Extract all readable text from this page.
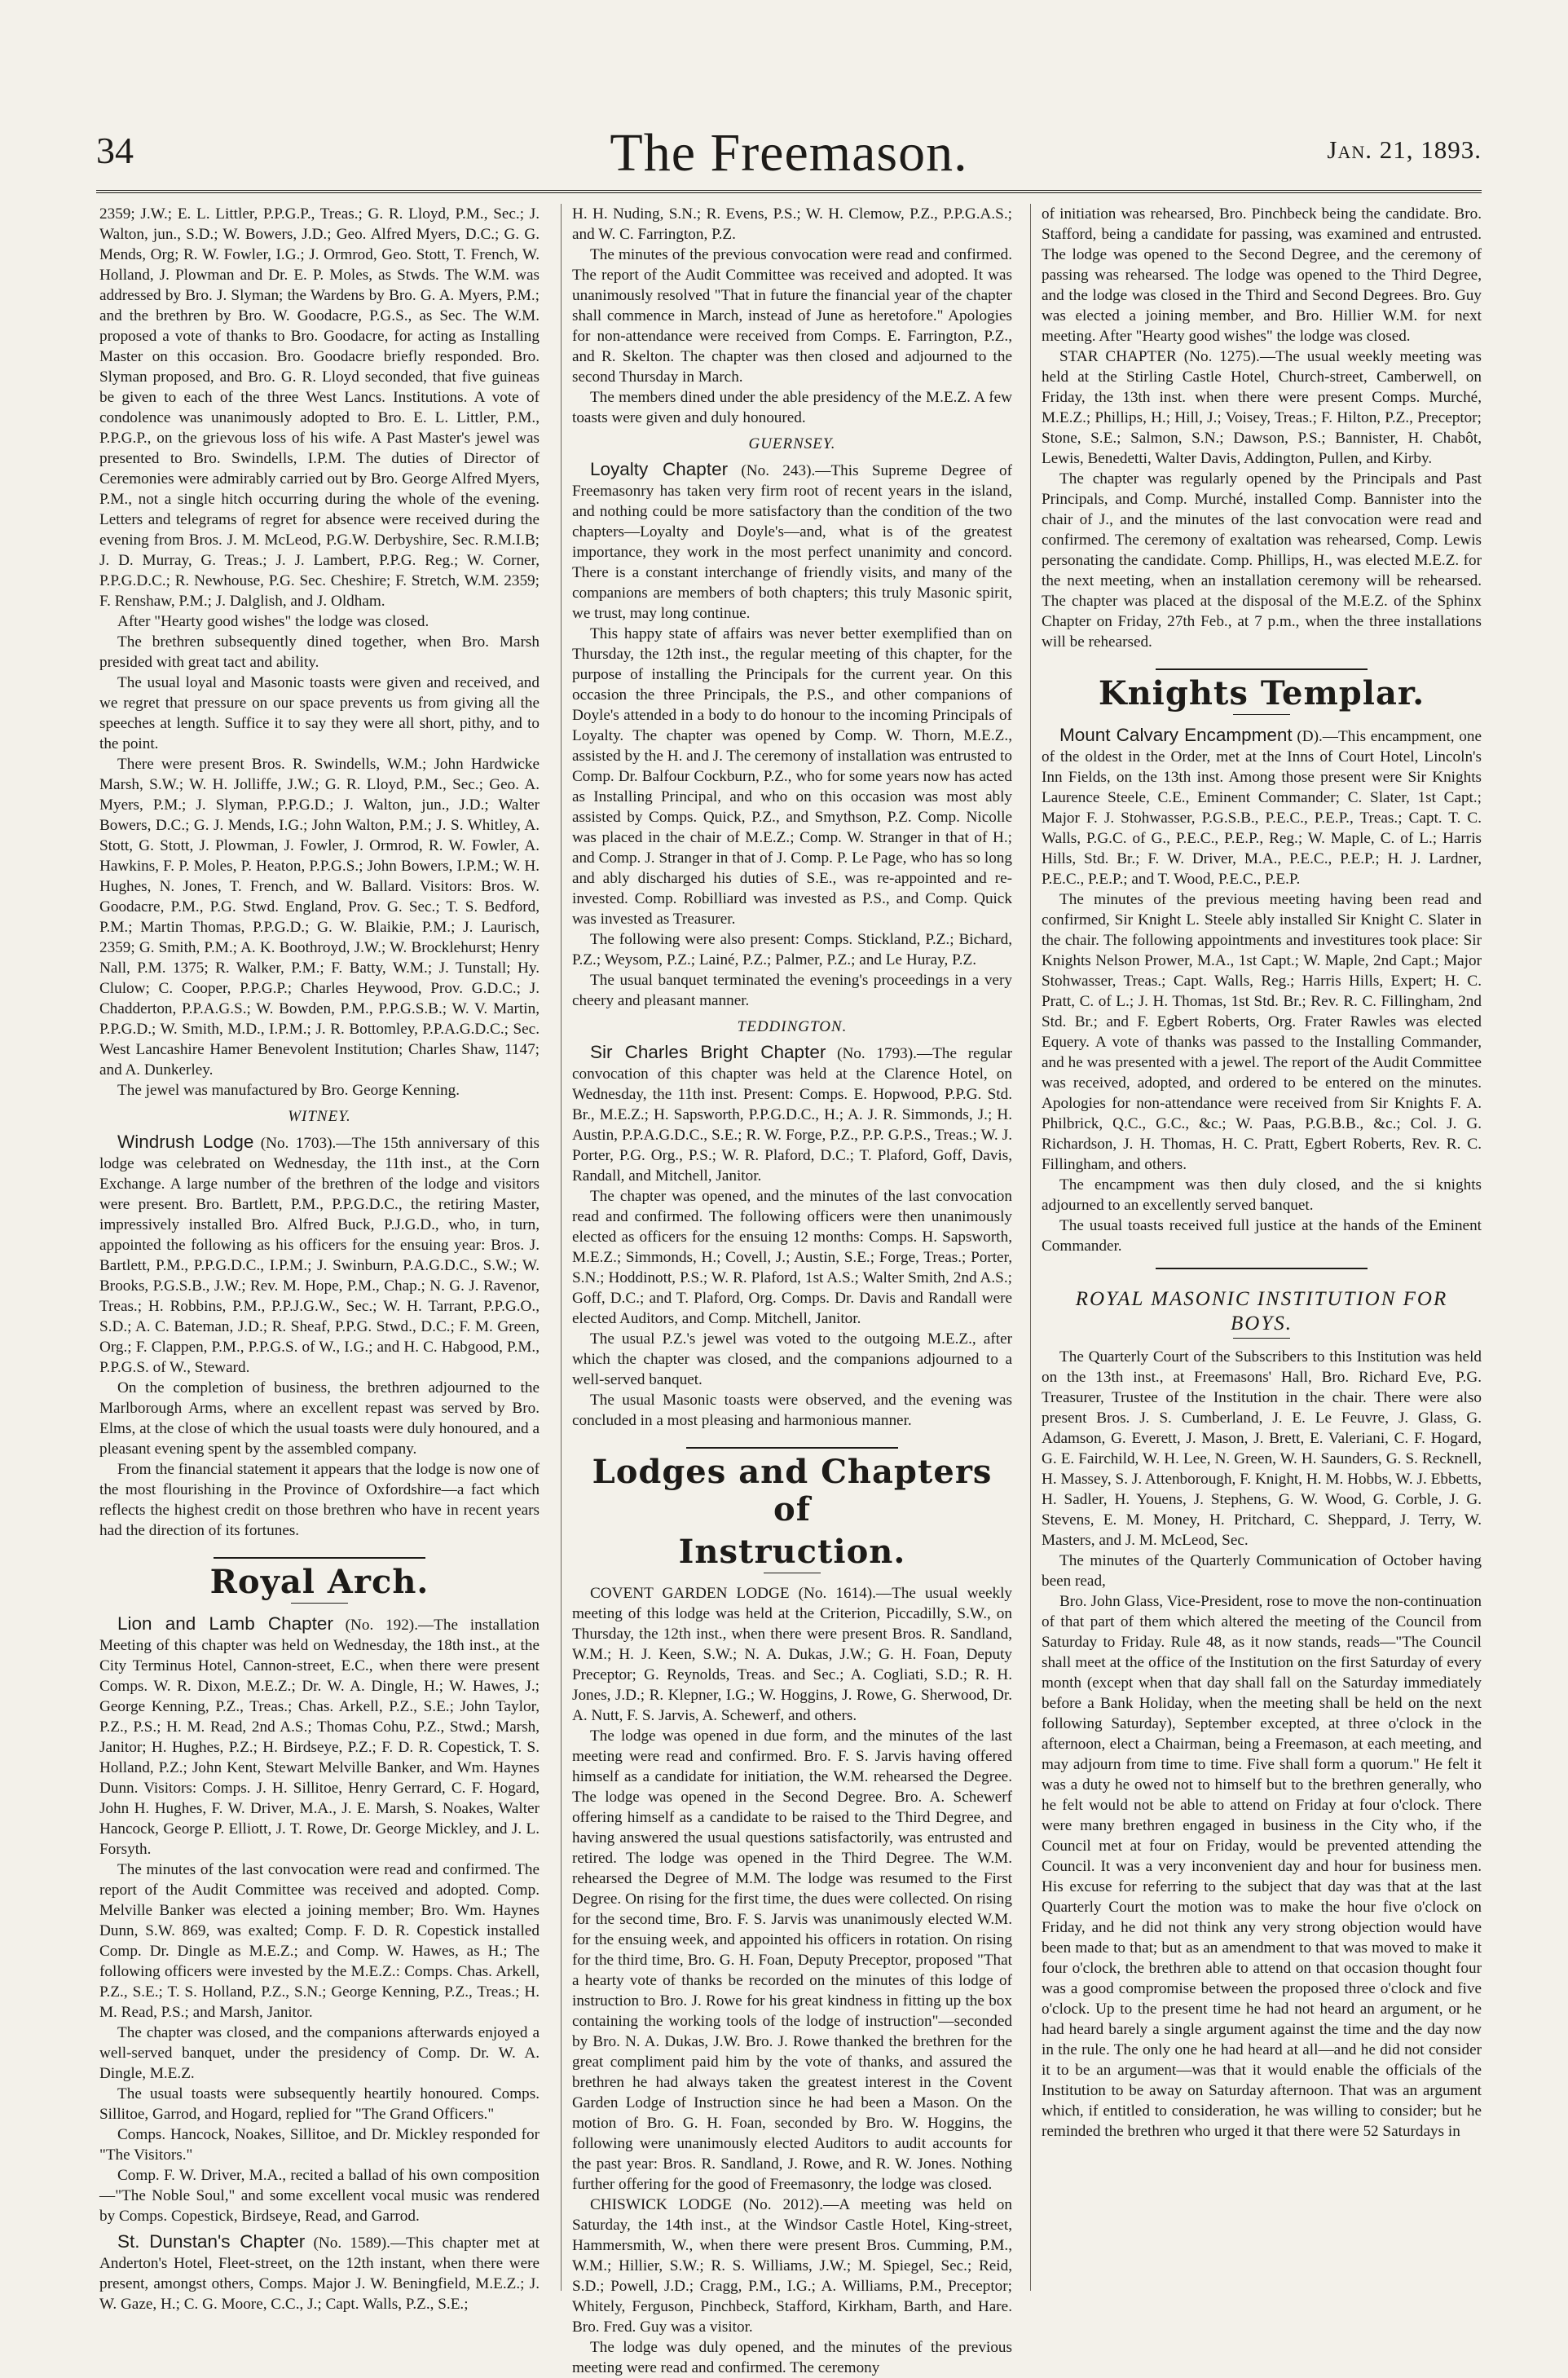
34	The Freemason.	Jan. 21, 1893.

2359; J.W.; E. L. Littler, P.P.G.P., Treas.; G. R. Lloyd, P.M., Sec.; J. Walton, jun., S.D.; W. Bowers, J.D.; Geo. Alfred Myers, D.C.; G. G. Mends, Org; R. W. Fowler, I.G.; J. Ormrod, Geo. Stott, T. French, W. Holland, J. Plowman and Dr. E. P. Moles, as Stwds. The W.M. was addressed by Bro. J. Slyman; the Wardens by Bro. G. A. Myers, P.M.; and the brethren by Bro. W. Goodacre, P.G.S., as Sec. The W.M. proposed a vote of thanks to Bro. Goodacre, for acting as Installing Master on this occasion. Bro. Goodacre briefly responded. Bro. Slyman proposed, and Bro. G. R. Lloyd seconded, that five guineas be given to each of the three West Lancs. Institutions. A vote of condolence was unanimously adopted to Bro. E. L. Littler, P.M., P.P.G.P., on the grievous loss of his wife. A Past Master's jewel was presented to Bro. Swindells, I.P.M. The duties of Director of Ceremonies were admirably carried out by Bro. George Alfred Myers, P.M., not a single hitch occurring during the whole of the evening. Letters and telegrams of regret for absence were received during the evening from Bros. J. M. McLeod, P.G.W. Derbyshire, Sec. R.M.I.B; J. D. Murray, G. Treas.; J. J. Lambert, P.P.G. Reg.; W. Corner, P.P.G.D.C.; R. Newhouse, P.G. Sec. Cheshire; F. Stretch, W.M. 2359; F. Renshaw, P.M.; J. Dalglish, and J. Oldham.

After "Hearty good wishes" the lodge was closed.

The brethren subsequently dined together, when Bro. Marsh presided with great tact and ability.

The usual loyal and Masonic toasts were given and received, and we regret that pressure on our space prevents us from giving all the speeches at length. Suffice it to say they were all short, pithy, and to the point.

There were present Bros. R. Swindells, W.M.; John Hardwicke Marsh, S.W.; W. H. Jolliffe, J.W.; G. R. Lloyd, P.M., Sec.; Geo. A. Myers, P.M.; J. Slyman, P.P.G.D.; J. Walton, jun., J.D.; Walter Bowers, D.C.; G. J. Mends, I.G.; John Walton, P.M.; J. S. Whitley, A. Stott, G. Stott, J. Plowman, J. Fowler, J. Ormrod, R. W. Fowler, A. Hawkins, F. P. Moles, P. Heaton, P.P.G.S.; John Bowers, I.P.M.; W. H. Hughes, N. Jones, T. French, and W. Ballard. Visitors: Bros. W. Goodacre, P.M., P.G. Stwd. England, Prov. G. Sec.; T. S. Bedford, P.M.; Martin Thomas, P.P.G.D.; G. W. Blaikie, P.M.; J. Laurisch, 2359; G. Smith, P.M.; A. K. Boothroyd, J.W.; W. Brocklehurst; Henry Nall, P.M. 1375; R. Walker, P.M.; F. Batty, W.M.; J. Tunstall; Hy. Clulow; C. Cooper, P.P.G.P.; Charles Heywood, Prov. G.D.C.; J. Chadderton, P.P.A.G.S.; W. Bowden, P.M., P.P.G.S.B.; W. V. Martin, P.P.G.D.; W. Smith, M.D., I.P.M.; J. R. Bottomley, P.P.A.G.D.C.; Sec. West Lancashire Hamer Benevolent Institution; Charles Shaw, 1147; and A. Dunkerley.

The jewel was manufactured by Bro. George Kenning.

WITNEY.

Windrush Lodge (No. 1703).—The 15th anniversary of this lodge was celebrated on Wednesday, the 11th inst., at the Corn Exchange. A large number of the brethren of the lodge and visitors were present. Bro. Bartlett, P.M., P.P.G.D.C., the retiring Master, impressively installed Bro. Alfred Buck, P.J.G.D., who, in turn, appointed the following as his officers for the ensuing year: Bros. J. Bartlett, P.M., P.P.G.D.C., I.P.M.; J. Swinburn, P.A.G.D.C., S.W.; W. Brooks, P.G.S.B., J.W.; Rev. M. Hope, P.M., Chap.; N. G. J. Ravenor, Treas.; H. Robbins, P.M., P.P.J.G.W., Sec.; W. H. Tarrant, P.P.G.O., S.D.; A. C. Bateman, J.D.; R. Sheaf, P.P.G. Stwd., D.C.; F. M. Green, Org.; F. Clappen, P.M., P.P.G.S. of W., I.G.; and H. C. Habgood, P.M., P.P.G.S. of W., Steward.

On the completion of business, the brethren adjourned to the Marlborough Arms, where an excellent repast was served by Bro. Elms, at the close of which the usual toasts were duly honoured, and a pleasant evening spent by the assembled company.

From the financial statement it appears that the lodge is now one of the most flourishing in the Province of Oxfordshire—a fact which reflects the highest credit on those brethren who have in recent years had the direction of its fortunes.

Royal Arch.

Lion and Lamb Chapter (No. 192).—The installation Meeting of this chapter was held on Wednesday, the 18th inst., at the City Terminus Hotel, Cannon-street, E.C., when there were present Comps. W. R. Dixon, M.E.Z.; Dr. W. A. Dingle, H.; W. Hawes, J.; George Kenning, P.Z., Treas.; Chas. Arkell, P.Z., S.E.; John Taylor, P.Z., P.S.; H. M. Read, 2nd A.S.; Thomas Cohu, P.Z., Stwd.; Marsh, Janitor; H. Hughes, P.Z.; H. Birdseye, P.Z.; F. D. R. Copestick, T. S. Holland, P.Z.; John Kent, Stewart Melville Banker, and Wm. Haynes Dunn. Visitors: Comps. J. H. Sillitoe, Henry Gerrard, C. F. Hogard, John H. Hughes, F. W. Driver, M.A., J. E. Marsh, S. Noakes, Walter Hancock, George P. Elliott, J. T. Rowe, Dr. George Mickley, and J. L. Forsyth.

The minutes of the last convocation were read and confirmed. The report of the Audit Committee was received and adopted. Comp. Melville Banker was elected a joining member; Bro. Wm. Haynes Dunn, S.W. 869, was exalted; Comp. F. D. R. Copestick installed Comp. Dr. Dingle as M.E.Z.; and Comp. W. Hawes, as H.; The following officers were invested by the M.E.Z.: Comps. Chas. Arkell, P.Z., S.E.; T. S. Holland, P.Z., S.N.; George Kenning, P.Z., Treas.; H. M. Read, P.S.; and Marsh, Janitor.

The chapter was closed, and the companions afterwards enjoyed a well-served banquet, under the presidency of Comp. Dr. W. A. Dingle, M.E.Z.

The usual toasts were subsequently heartily honoured. Comps. Sillitoe, Garrod, and Hogard, replied for "The Grand Officers."

Comps. Hancock, Noakes, Sillitoe, and Dr. Mickley responded for "The Visitors."

Comp. F. W. Driver, M.A., recited a ballad of his own composition—"The Noble Soul," and some excellent vocal music was rendered by Comps. Copestick, Birdseye, Read, and Garrod.

St. Dunstan's Chapter (No. 1589).—This chapter met at Anderton's Hotel, Fleet-street, on the 12th instant, when there were present, amongst others, Comps. Major J. W. Beningfield, M.E.Z.; J. W. Gaze, H.; C. G. Moore, C.C., J.; Capt. Walls, P.Z., S.E.;

H. H. Nuding, S.N.; R. Evens, P.S.; W. H. Clemow, P.Z., P.P.G.A.S.; and W. C. Farrington, P.Z.

The minutes of the previous convocation were read and confirmed. The report of the Audit Committee was received and adopted. It was unanimously resolved "That in future the financial year of the chapter shall commence in March, instead of June as heretofore." Apologies for non-attendance were received from Comps. E. Farrington, P.Z., and R. Skelton. The chapter was then closed and adjourned to the second Thursday in March.

The members dined under the able presidency of the M.E.Z. A few toasts were given and duly honoured.

GUERNSEY.

Loyalty Chapter (No. 243).—This Supreme Degree of Freemasonry has taken very firm root of recent years in the island, and nothing could be more satisfactory than the condition of the two chapters—Loyalty and Doyle's—and, what is of the greatest importance, they work in the most perfect unanimity and concord. There is a constant interchange of friendly visits, and many of the companions are members of both chapters; this truly Masonic spirit, we trust, may long continue.

This happy state of affairs was never better exemplified than on Thursday, the 12th inst., the regular meeting of this chapter, for the purpose of installing the Principals for the current year. On this occasion the three Principals, the P.S., and other companions of Doyle's attended in a body to do honour to the incoming Principals of Loyalty. The chapter was opened by Comp. W. Thorn, M.E.Z., assisted by the H. and J. The ceremony of installation was entrusted to Comp. Dr. Balfour Cockburn, P.Z., who for some years now has acted as Installing Principal, and who on this occasion was most ably assisted by Comps. Quick, P.Z., and Smythson, P.Z. Comp. Nicolle was placed in the chair of M.E.Z.; Comp. W. Stranger in that of H.; and Comp. J. Stranger in that of J. Comp. P. Le Page, who has so long and ably discharged his duties of S.E., was re-appointed and re-invested. Comp. Robilliard was invested as P.S., and Comp. Quick was invested as Treasurer.

The following were also present: Comps. Stickland, P.Z.; Bichard, P.Z.; Weysom, P.Z.; Lainé, P.Z.; Palmer, P.Z.; and Le Huray, P.Z.

The usual banquet terminated the evening's proceedings in a very cheery and pleasant manner.

TEDDINGTON.

Sir Charles Bright Chapter (No. 1793).—The regular convocation of this chapter was held at the Clarence Hotel, on Wednesday, the 11th inst. Present: Comps. E. Hopwood, P.P.G. Std. Br., M.E.Z.; H. Sapsworth, P.P.G.D.C., H.; A. J. R. Simmonds, J.; H. Austin, P.P.A.G.D.C., S.E.; R. W. Forge, P.Z., P.P. G.P.S., Treas.; W. J. Porter, P.G. Org., P.S.; W. R. Plaford, D.C.; T. Plaford, Goff, Davis, Randall, and Mitchell, Janitor.

The chapter was opened, and the minutes of the last convocation read and confirmed. The following officers were then unanimously elected as officers for the ensuing 12 months: Comps. H. Sapsworth, M.E.Z.; Simmonds, H.; Covell, J.; Austin, S.E.; Forge, Treas.; Porter, S.N.; Hoddinott, P.S.; W. R. Plaford, 1st A.S.; Walter Smith, 2nd A.S.; Goff, D.C.; and T. Plaford, Org. Comps. Dr. Davis and Randall were elected Auditors, and Comp. Mitchell, Janitor.

The usual P.Z.'s jewel was voted to the outgoing M.E.Z., after which the chapter was closed, and the companions adjourned to a well-served banquet.

The usual Masonic toasts were observed, and the evening was concluded in a most pleasing and harmonious manner.

Lodges and Chapters of
Instruction.

COVENT GARDEN LODGE (No. 1614).—The usual weekly meeting of this lodge was held at the Criterion, Piccadilly, S.W., on Thursday, the 12th inst., when there were present Bros. R. Sandland, W.M.; H. J. Keen, S.W.; N. A. Dukas, J.W.; G. H. Foan, Deputy Preceptor; G. Reynolds, Treas. and Sec.; A. Cogliati, S.D.; R. H. Jones, J.D.; R. Klepner, I.G.; W. Hoggins, J. Rowe, G. Sherwood, Dr. A. Nutt, F. S. Jarvis, A. Schewerf, and others.

The lodge was opened in due form, and the minutes of the last meeting were read and confirmed. Bro. F. S. Jarvis having offered himself as a candidate for initiation, the W.M. rehearsed the Degree. The lodge was opened in the Second Degree. Bro. A. Schewerf offering himself as a candidate to be raised to the Third Degree, and having answered the usual questions satisfactorily, was entrusted and retired. The lodge was opened in the Third Degree. The W.M. rehearsed the Degree of M.M. The lodge was resumed to the First Degree. On rising for the first time, the dues were collected. On rising for the second time, Bro. F. S. Jarvis was unanimously elected W.M. for the ensuing week, and appointed his officers in rotation. On rising for the third time, Bro. G. H. Foan, Deputy Preceptor, proposed "That a hearty vote of thanks be recorded on the minutes of this lodge of instruction to Bro. J. Rowe for his great kindness in fitting up the box containing the working tools of the lodge of instruction"—seconded by Bro. N. A. Dukas, J.W. Bro. J. Rowe thanked the brethren for the great compliment paid him by the vote of thanks, and assured the brethren he had always taken the greatest interest in the Covent Garden Lodge of Instruction since he had been a Mason. On the motion of Bro. G. H. Foan, seconded by Bro. W. Hoggins, the following were unanimously elected Auditors to audit accounts for the past year: Bros. R. Sandland, J. Rowe, and R. W. Jones. Nothing further offering for the good of Freemasonry, the lodge was closed.

CHISWICK LODGE (No. 2012).—A meeting was held on Saturday, the 14th inst., at the Windsor Castle Hotel, King-street, Hammersmith, W., when there were present Bros. Cumming, P.M., W.M.; Hillier, S.W.; R. S. Williams, J.W.; M. Spiegel, Sec.; Reid, S.D.; Powell, J.D.; Cragg, P.M., I.G.; A. Williams, P.M., Preceptor; Whitely, Ferguson, Pinchbeck, Stafford, Kirkham, Barth, and Hare. Bro. Fred. Guy was a visitor.

The lodge was duly opened, and the minutes of the previous meeting were read and confirmed. The ceremony

of initiation was rehearsed, Bro. Pinchbeck being the candidate. Bro. Stafford, being a candidate for passing, was examined and entrusted. The lodge was opened to the Second Degree, and the ceremony of passing was rehearsed. The lodge was opened to the Third Degree, and the lodge was closed in the Third and Second Degrees. Bro. Guy was elected a joining member, and Bro. Hillier W.M. for next meeting. After "Hearty good wishes" the lodge was closed.

STAR CHAPTER (No. 1275).—The usual weekly meeting was held at the Stirling Castle Hotel, Church-street, Camberwell, on Friday, the 13th inst. when there were present Comps. Murché, M.E.Z.; Phillips, H.; Hill, J.; Voisey, Treas.; F. Hilton, P.Z., Preceptor; Stone, S.E.; Salmon, S.N.; Dawson, P.S.; Bannister, H. Chabôt, Lewis, Benedetti, Walter Davis, Addington, Pullen, and Kirby.

The chapter was regularly opened by the Principals and Past Principals, and Comp. Murché, installed Comp. Bannister into the chair of J., and the minutes of the last convocation were read and confirmed. The ceremony of exaltation was rehearsed, Comp. Lewis personating the candidate. Comp. Phillips, H., was elected M.E.Z. for the next meeting, when an installation ceremony will be rehearsed. The chapter was placed at the disposal of the M.E.Z. of the Sphinx Chapter on Friday, 27th Feb., at 7 p.m., when the three installations will be rehearsed.

Knights Templar.

Mount Calvary Encampment (D).—This encampment, one of the oldest in the Order, met at the Inns of Court Hotel, Lincoln's Inn Fields, on the 13th inst. Among those present were Sir Knights Laurence Steele, C.E., Eminent Commander; C. Slater, 1st Capt.; Major F. J. Stohwasser, P.G.S.B., P.E.C., P.E.P., Treas.; Capt. T. C. Walls, P.G.C. of G., P.E.C., P.E.P., Reg.; W. Maple, C. of L.; Harris Hills, Std. Br.; F. W. Driver, M.A., P.E.C., P.E.P.; H. J. Lardner, P.E.C., P.E.P.; and T. Wood, P.E.C., P.E.P.

The minutes of the previous meeting having been read and confirmed, Sir Knight L. Steele ably installed Sir Knight C. Slater in the chair. The following appointments and investitures took place: Sir Knights Nelson Prower, M.A., 1st Capt.; W. Maple, 2nd Capt.; Major Stohwasser, Treas.; Capt. Walls, Reg.; Harris Hills, Expert; H. C. Pratt, C. of L.; J. H. Thomas, 1st Std. Br.; Rev. R. C. Fillingham, 2nd Std. Br.; and F. Egbert Roberts, Org. Frater Rawles was elected Equery. A vote of thanks was passed to the Installing Commander, and he was presented with a jewel. The report of the Audit Committee was received, adopted, and ordered to be entered on the minutes. Apologies for non-attendance were received from Sir Knights F. A. Philbrick, Q.C., G.C., &c.; W. Paas, P.G.B.B., &c.; Col. J. G. Richardson, J. H. Thomas, H. C. Pratt, Egbert Roberts, Rev. R. C. Fillingham, and others.

The encampment was then duly closed, and the si knights adjourned to an excellently served banquet.

The usual toasts received full justice at the hands of the Eminent Commander.

ROYAL MASONIC INSTITUTION FOR
BOYS.

The Quarterly Court of the Subscribers to this Institution was held on the 13th inst., at Freemasons' Hall, Bro. Richard Eve, P.G. Treasurer, Trustee of the Institution in the chair. There were also present Bros. J. S. Cumberland, J. E. Le Feuvre, J. Glass, G. Adamson, G. Everett, J. Mason, J. Brett, E. Valeriani, C. F. Hogard, G. E. Fairchild, W. H. Lee, N. Green, W. H. Saunders, G. S. Recknell, H. Massey, S. J. Attenborough, F. Knight, H. M. Hobbs, W. J. Ebbetts, H. Sadler, H. Youens, J. Stephens, G. W. Wood, G. Corble, J. G. Stevens, E. M. Money, H. Pritchard, C. Sheppard, J. Terry, W. Masters, and J. M. McLeod, Sec.

The minutes of the Quarterly Communication of October having been read,

Bro. John Glass, Vice-President, rose to move the non-continuation of that part of them which altered the meeting of the Council from Saturday to Friday. Rule 48, as it now stands, reads—"The Council shall meet at the office of the Institution on the first Saturday of every month (except when that day shall fall on the Saturday immediately before a Bank Holiday, when the meeting shall be held on the next following Saturday), September excepted, at three o'clock in the afternoon, elect a Chairman, being a Freemason, at each meeting, and may adjourn from time to time. Five shall form a quorum." He felt it was a duty he owed not to himself but to the brethren generally, who he felt would not be able to attend on Friday at four o'clock. There were many brethren engaged in business in the City who, if the Council met at four on Friday, would be prevented attending the Council. It was a very inconvenient day and hour for business men. His excuse for referring to the subject that day was that at the last Quarterly Court the motion was to make the hour five o'clock on Friday, and he did not think any very strong objection would have been made to that; but as an amendment to that was moved to make it four o'clock, the brethren able to attend on that occasion thought four was a good compromise between the proposed three o'clock and five o'clock. Up to the present time he had not heard an argument, or he had heard barely a single argument against the time and the day now in the rule. The only one he had heard at all—and he did not consider it to be an argument—was that it would enable the officials of the Institution to be away on Saturday afternoon. That was an argument which, if entitled to consideration, he was willing to consider; but he reminded the brethren who urged it that there were 52 Saturdays in
